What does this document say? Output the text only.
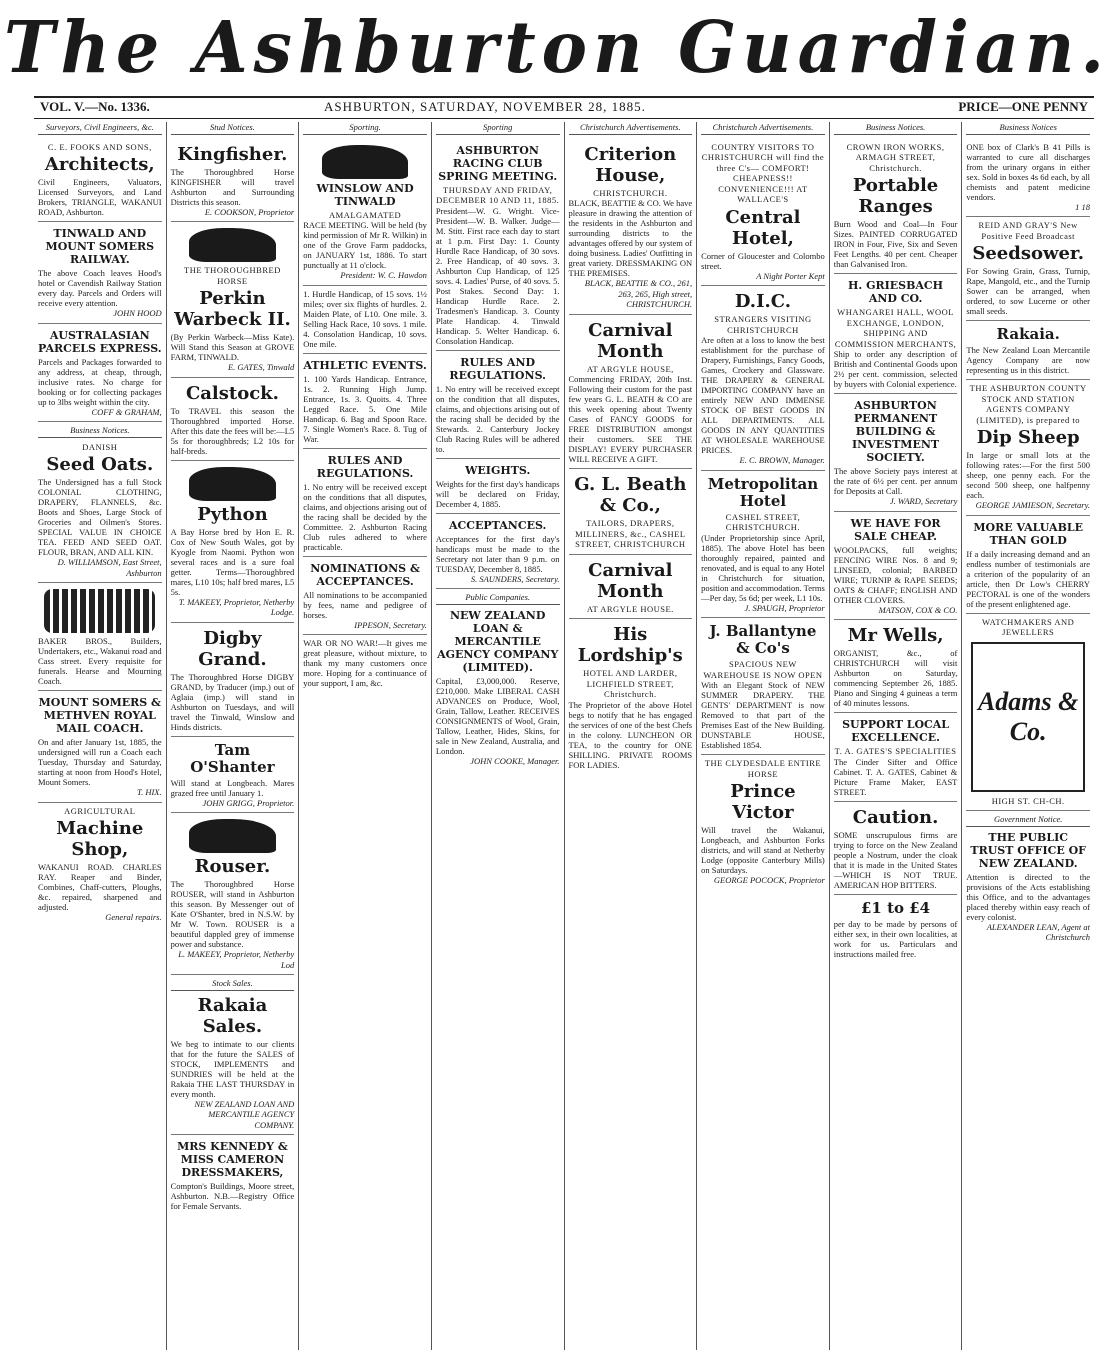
The Ashburton Guardian.
VOL. V.—No. 1336.	ASHBURTON, SATURDAY, NOVEMBER 28, 1885.	PRICE—ONE PENNY
Surveyors, Civil Engineers, &c.
C. E. FOOKS AND SONS,
Architects,
Civil Engineers, Valuators, Licensed Surveyors, and Land Brokers, TRIANGLE, WAKANUI ROAD, Ashburton.
TINWALD AND MOUNT SOMERS RAILWAY.
The above Coach leaves Hood's hotel or Cavendish Railway Station every day. Parcels and Orders will receive every attention.
JOHN HOOD
AUSTRALASIAN PARCELS EXPRESS.
Parcels and Packages forwarded to any address, at cheap, through, inclusive rates. No charge for booking or for collecting packages up to 3lbs weight within the city.
COFF & GRAHAM,
Business Notices.
DANISH
Seed Oats.
The Undersigned has a full Stock COLONIAL CLOTHING, DRAPERY, FLANNELS, &c. Boots and Shoes, Large Stock of Groceries and Oilmen's Stores. SPECIAL VALUE IN CHOICE TEA. FEED AND SEED OAT. FLOUR, BRAN, AND ALL KIN.
D. WILLIAMSON, East Street, Ashburton
BAKER BROS., Builders, Undertakers, etc., Wakanui road and Cass street. Every requisite for funerals. Hearse and Mourning Coach.
MOUNT SOMERS & METHVEN ROYAL MAIL COACH.
On and after January 1st, 1885, the undersigned will run a Coach each Tuesday, Thursday and Saturday, starting at noon from Hood's Hotel, Mount Somers.
T. HIX.
AGRICULTURAL
Machine Shop,
WAKANUI ROAD. CHARLES RAY. Reaper and Binder, Combines, Chaff-cutters, Ploughs, &c. repaired, sharpened and adjusted.
General repairs.
Stud Notices.
Kingfisher.
The Thoroughbred Horse KINGFISHER will travel Ashburton and Surrounding Districts this season.
E. COOKSON, Proprietor
THE THOROUGHBRED HORSE
Perkin Warbeck II.
(By Perkin Warbeck—Miss Kate). Will Stand this Season at GROVE FARM, TINWALD.
E. GATES, Tinwald
Calstock.
To TRAVEL this season the Thoroughbred imported Horse. After this date the fees will be:—L5 5s for thoroughbreds; L2 10s for half-breds.
Python
A Bay Horse bred by Hon E. R. Cox of New South Wales, got by Kyogle from Naomi. Python won several races and is a sure foal getter. Terms—Thoroughbred mares, L10 10s; half bred mares, L5 5s.
T. MAKEEY, Proprietor, Netherby Lodge.
Digby Grand.
The Thoroughbred Horse DIGBY GRAND, by Traducer (imp.) out of Aglaia (imp.) will stand in Ashburton on Tuesdays, and will travel the Tinwald, Winslow and Hinds districts.
Tam O'Shanter
Will stand at Longbeach. Mares grazed free until January 1.
JOHN GRIGG, Proprietor.
Rouser.
The Thoroughbred Horse ROUSER, will stand in Ashburton this season. By Messenger out of Kate O'Shanter, bred in N.S.W. by Mr W. Town. ROUSER is a beautiful dappled grey of immense power and substance.
L. MAKEEY, Proprietor, Netherby Lod
Stock Sales.
Rakaia Sales.
We beg to intimate to our clients that for the future the SALES of STOCK, IMPLEMENTS and SUNDRIES will be held at the Rakaia THE LAST THURSDAY in every month.
NEW ZEALAND LOAN AND MERCANTILE AGENCY COMPANY.
MRS KENNEDY & MISS CAMERON DRESSMAKERS,
Compton's Buildings, Moore street, Ashburton. N.B.—Registry Office for Female Servants.
Sporting.
WINSLOW AND TINWALD
AMALGAMATED
RACE MEETING. Will be held (by kind permission of Mr R. Wilkin) in one of the Grove Farm paddocks, on JANUARY 1st, 1886. To start punctually at 11 o'clock.
President: W. C. Hawdon
1. Hurdle Handicap, of 15 sovs. 1½ miles; over six flights of hurdles. 2. Maiden Plate, of L10. One mile. 3. Selling Hack Race, 10 sovs. 1 mile. 4. Consolation Handicap, 10 sovs. One mile.
ATHLETIC EVENTS.
1. 100 Yards Handicap. Entrance, 1s. 2. Running High Jump. Entrance, 1s. 3. Quoits. 4. Three Legged Race. 5. One Mile Handicap. 6. Bag and Spoon Race. 7. Single Women's Race. 8. Tug of War.
RULES AND REGULATIONS.
1. No entry will be received except on the conditions that all disputes, claims, and objections arising out of the racing shall be decided by the Committee. 2. Ashburton Racing Club rules adhered to where practicable.
NOMINATIONS & ACCEPTANCES.
All nominations to be accompanied by fees, name and pedigree of horses.
IPPESON, Secretary.
WAR OR NO WAR!—It gives me great pleasure, without mixture, to thank my many customers once more. Hoping for a continuance of your support, I am, &c.
Sporting
ASHBURTON RACING CLUB SPRING MEETING.
THURSDAY AND FRIDAY, DECEMBER 10 AND 11, 1885.
President—W. G. Wright. Vice-President—W. B. Walker. Judge—M. Stitt. First race each day to start at 1 p.m. First Day: 1. County Hurdle Race Handicap, of 30 sovs. 2. Free Handicap, of 40 sovs. 3. Ashburton Cup Handicap, of 125 sovs. 4. Ladies' Purse, of 40 sovs. 5. Post Stakes. Second Day: 1. Handicap Hurdle Race. 2. Tradesmen's Handicap. 3. County Plate Handicap. 4. Tinwald Handicap. 5. Welter Handicap. 6. Consolation Handicap.
RULES AND REGULATIONS.
1. No entry will be received except on the condition that all disputes, claims, and objections arising out of the racing shall be decided by the Stewards. 2. Canterbury Jockey Club Racing Rules will be adhered to.
WEIGHTS.
Weights for the first day's handicaps will be declared on Friday, December 4, 1885.
ACCEPTANCES.
Acceptances for the first day's handicaps must be made to the Secretary not later than 9 p.m. on TUESDAY, December 8, 1885.
S. SAUNDERS, Secretary.
Public Companies.
NEW ZEALAND LOAN & MERCANTILE AGENCY COMPANY (LIMITED).
Capital, £3,000,000. Reserve, £210,000. Make LIBERAL CASH ADVANCES on Produce, Wool, Grain, Tallow, Leather. RECEIVES CONSIGNMENTS of Wool, Grain, Tallow, Leather, Hides, Skins, for sale in New Zealand, Australia, and London.
JOHN COOKE, Manager.
Christchurch Advertisements.
Criterion House,
CHRISTCHURCH.
BLACK, BEATTIE & CO. We have pleasure in drawing the attention of the residents in the Ashburton and surrounding districts to the advantages offered by our system of doing business. Ladies' Outfitting in great variety. DRESSMAKING ON THE PREMISES.
BLACK, BEATTIE & CO., 261, 263, 265, High street, CHRISTCHURCH.
Carnival Month
AT ARGYLE HOUSE,
Commencing FRIDAY, 20th Inst. Following their custom for the past few years G. L. BEATH & CO are this week opening about Twenty Cases of FANCY GOODS for FREE DISTRIBUTION amongst their customers. SEE THE DISPLAY! EVERY PURCHASER WILL RECEIVE A GIFT.
G. L. Beath & Co.,
TAILORS, DRAPERS, MILLINERS, &c., CASHEL STREET, CHRISTCHURCH
Carnival Month
AT ARGYLE HOUSE.
His Lordship's
HOTEL AND LARDER, LICHFIELD STREET, Christchurch.
The Proprietor of the above Hotel begs to notify that he has engaged the services of one of the best Chefs in the colony. LUNCHEON OR TEA, to the country for ONE SHILLING. PRIVATE ROOMS FOR LADIES.
Christchurch Advertisements.
COUNTRY VISITORS TO CHRISTCHURCH will find the three C's— COMFORT! CHEAPNESS!! CONVENIENCE!!! AT WALLACE'S
Central Hotel,
Corner of Gloucester and Colombo street.
A Night Porter Kept
D.I.C.
STRANGERS VISITING CHRISTCHURCH
Are often at a loss to know the best establishment for the purchase of Drapery, Furnishings, Fancy Goods, Games, Crockery and Glassware. THE DRAPERY & GENERAL IMPORTING COMPANY have an entirely NEW AND IMMENSE STOCK OF BEST GOODS IN ALL DEPARTMENTS. ALL GOODS IN ANY QUANTITIES AT WHOLESALE WAREHOUSE PRICES.
E. C. BROWN, Manager.
Metropolitan Hotel
CASHEL STREET, CHRISTCHURCH.
(Under Proprietorship since April, 1885). The above Hotel has been thoroughly repaired, painted and renovated, and is equal to any Hotel in Christchurch for situation, position and accommodation. Terms—Per day, 5s 6d; per week, L1 10s.
J. SPAUGH, Proprietor
J. Ballantyne & Co's
SPACIOUS NEW WAREHOUSE IS NOW OPEN
With an Elegant Stock of NEW SUMMER DRAPERY. THE GENTS' DEPARTMENT is now Removed to that part of the Premises East of the New Building. DUNSTABLE HOUSE, Established 1854.
THE CLYDESDALE ENTIRE HORSE
Prince Victor
Will travel the Wakanui, Longbeach, and Ashburton Forks districts, and will stand at Netherby Lodge (opposite Canterbury Mills) on Saturdays.
GEORGE POCOCK, Proprietor
Business Notices.
CROWN IRON WORKS, ARMAGH STREET, Christchurch.
Portable Ranges
Burn Wood and Coal—In Four Sizes. PAINTED CORRUGATED IRON in Four, Five, Six and Seven Feet Lengths. 40 per cent. Cheaper than Galvanised Iron.
H. GRIESBACH AND CO.
WHANGAREI HALL, WOOL EXCHANGE, LONDON, SHIPPING AND COMMISSION MERCHANTS,
Ship to order any description of British and Continental Goods upon 2½ per cent. commission, selected by buyers with Colonial experience.
ASHBURTON PERMANENT BUILDING & INVESTMENT SOCIETY.
The above Society pays interest at the rate of 6½ per cent. per annum for Deposits at Call.
J. WARD, Secretary
WE HAVE FOR SALE CHEAP.
WOOLPACKS, full weights; FENCING WIRE Nos. 8 and 9; LINSEED, colonial; BARBED WIRE; TURNIP & RAPE SEEDS; OATS & CHAFF; ENGLISH AND OTHER CLOVERS.
MATSON, COX & CO.
Mr Wells,
ORGANIST, &c., of CHRISTCHURCH will visit Ashburton on Saturday, commencing September 26, 1885. Piano and Singing 4 guineas a term of 40 minutes lessons.
SUPPORT LOCAL EXCELLENCE.
T. A. GATES'S SPECIALITIES
The Cinder Sifter and Office Cabinet. T. A. GATES, Cabinet & Picture Frame Maker, EAST STREET.
Caution.
SOME unscrupulous firms are trying to force on the New Zealand people a Nostrum, under the cloak that it is made in the United States—WHICH IS NOT TRUE. AMERICAN HOP BITTERS.
£1 to £4
per day to be made by persons of either sex, in their own localities, at work for us. Particulars and instructions mailed free.
Business Notices
ONE box of Clark's B 41 Pills is warranted to cure all discharges from the urinary organs in either sex. Sold in boxes 4s 6d each, by all chemists and patent medicine vendors.
1 18
REID AND GRAY'S New Positive Feed Broadcast
Seedsower.
For Sowing Grain, Grass, Turnip, Rape, Mangold, etc., and the Turnip Sower can be arranged, when ordered, to sow Lucerne or other small seeds.
Rakaia.
The New Zealand Loan Mercantile Agency Company are now representing us in this district.
THE ASHBURTON COUNTY STOCK AND STATION AGENTS COMPANY (LIMITED), is prepared to
Dip Sheep
In large or small lots at the following rates:—For the first 500 sheep, one penny each. For the second 500 sheep, one halfpenny each.
GEORGE JAMIESON, Secretary.
MORE VALUABLE THAN GOLD
If a daily increasing demand and an endless number of testimonials are a criterion of the popularity of an article, then Dr Low's CHERRY PECTORAL is one of the wonders of the present enlightened age.
WATCHMAKERS AND JEWELLERS
Adams & Co.
HIGH ST. CH-CH.
Government Notice.
THE PUBLIC TRUST OFFICE OF NEW ZEALAND.
Attention is directed to the provisions of the Acts establishing this Office, and to the advantages placed thereby within easy reach of every colonist.
ALEXANDER LEAN, Agent at Christchurch
